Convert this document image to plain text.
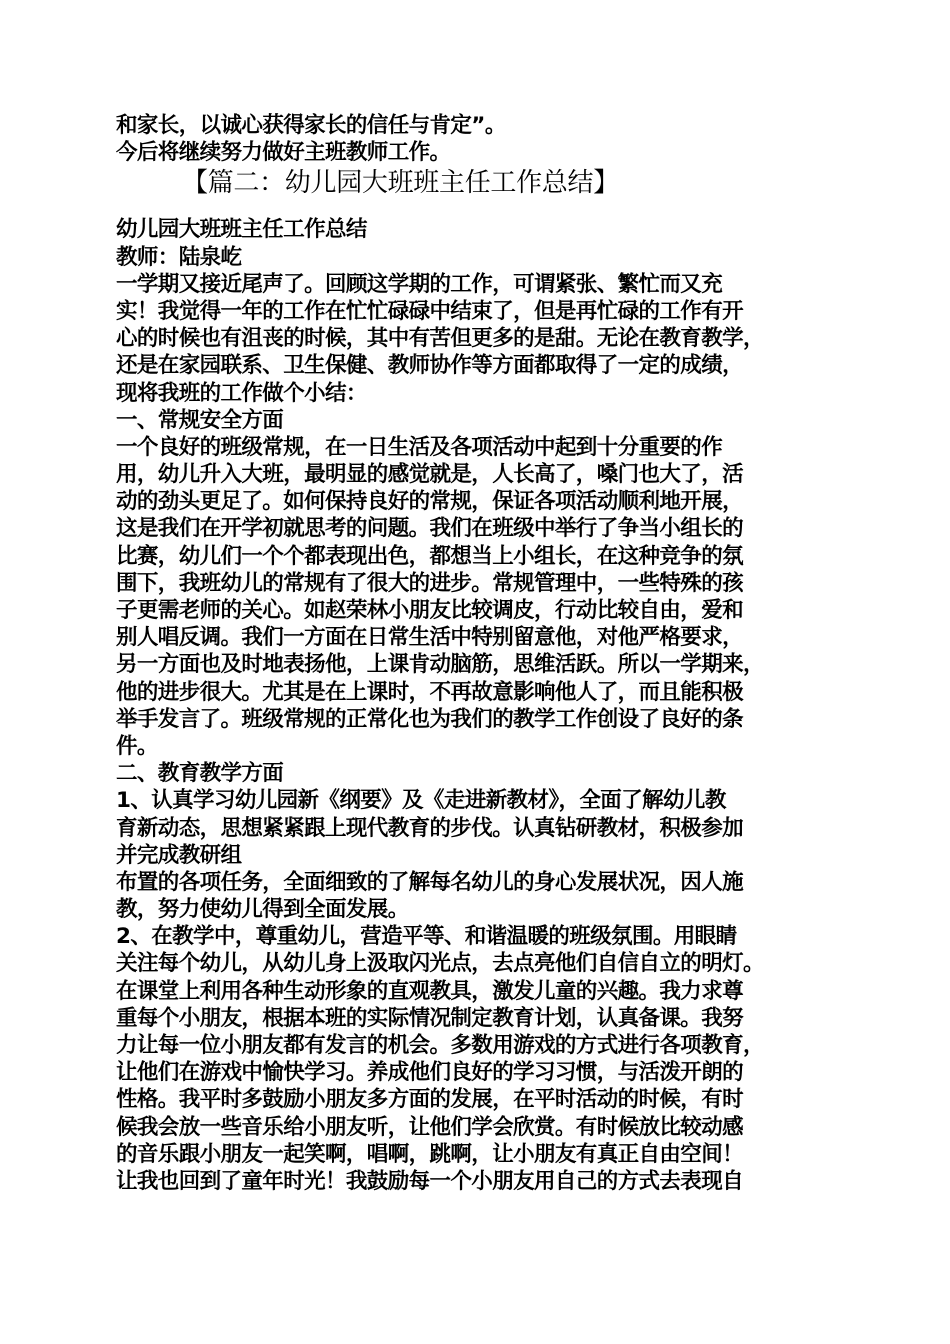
和家长，以诚心获得家长的信任与肯定”。
今后将继续努力做好主班教师工作。
【篇二：幼儿园大班班主任工作总结】
幼儿园大班班主任工作总结
教师：陆泉屹
一学期又接近尾声了。回顾这学期的工作，可谓紧张、繁忙而又充
实！我觉得一年的工作在忙忙碌碌中结束了，但是再忙碌的工作有开
心的时候也有沮丧的时候，其中有苦但更多的是甜。无论在教育教学，
还是在家园联系、卫生保健、教师协作等方面都取得了一定的成绩，
现将我班的工作做个小结：
一、常规安全方面
一个良好的班级常规，在一日生活及各项活动中起到十分重要的作
用，幼儿升入大班，最明显的感觉就是，人长高了，嗓门也大了，活
动的劲头更足了。如何保持良好的常规，保证各项活动顺利地开展，
这是我们在开学初就思考的问题。我们在班级中举行了争当小组长的
比赛，幼儿们一个个都表现出色，都想当上小组长，在这种竞争的氛
围下，我班幼儿的常规有了很大的进步。常规管理中，一些特殊的孩
子更需老师的关心。如赵荣林小朋友比较调皮，行动比较自由，爱和
别人唱反调。我们一方面在日常生活中特别留意他，对他严格要求，
另一方面也及时地表扬他，上课肯动脑筋，思维活跃。所以一学期来，
他的进步很大。尤其是在上课时，不再故意影响他人了，而且能积极
举手发言了。班级常规的正常化也为我们的教学工作创设了良好的条
件。
二、教育教学方面
1、认真学习幼儿园新《纲要》及《走进新教材》，全面了解幼儿教
育新动态，思想紧紧跟上现代教育的步伐。认真钻研教材，积极参加
并完成教研组
布置的各项任务，全面细致的了解每名幼儿的身心发展状况，因人施
教，努力使幼儿得到全面发展。
2、在教学中，尊重幼儿，营造平等、和谐温暖的班级氛围。用眼睛
关注每个幼儿，从幼儿身上汲取闪光点，去点亮他们自信自立的明灯。
在课堂上利用各种生动形象的直观教具，激发儿童的兴趣。我力求尊
重每个小朋友，根据本班的实际情况制定教育计划，认真备课。我努
力让每一位小朋友都有发言的机会。多数用游戏的方式进行各项教育，
让他们在游戏中愉快学习。养成他们良好的学习习惯，与活泼开朗的
性格。我平时多鼓励小朋友多方面的发展，在平时活动的时候，有时
候我会放一些音乐给小朋友听，让他们学会欣赏。有时候放比较动感
的音乐跟小朋友一起笑啊，唱啊，跳啊，让小朋友有真正自由空间！
让我也回到了童年时光！我鼓励每一个小朋友用自己的方式去表现自
